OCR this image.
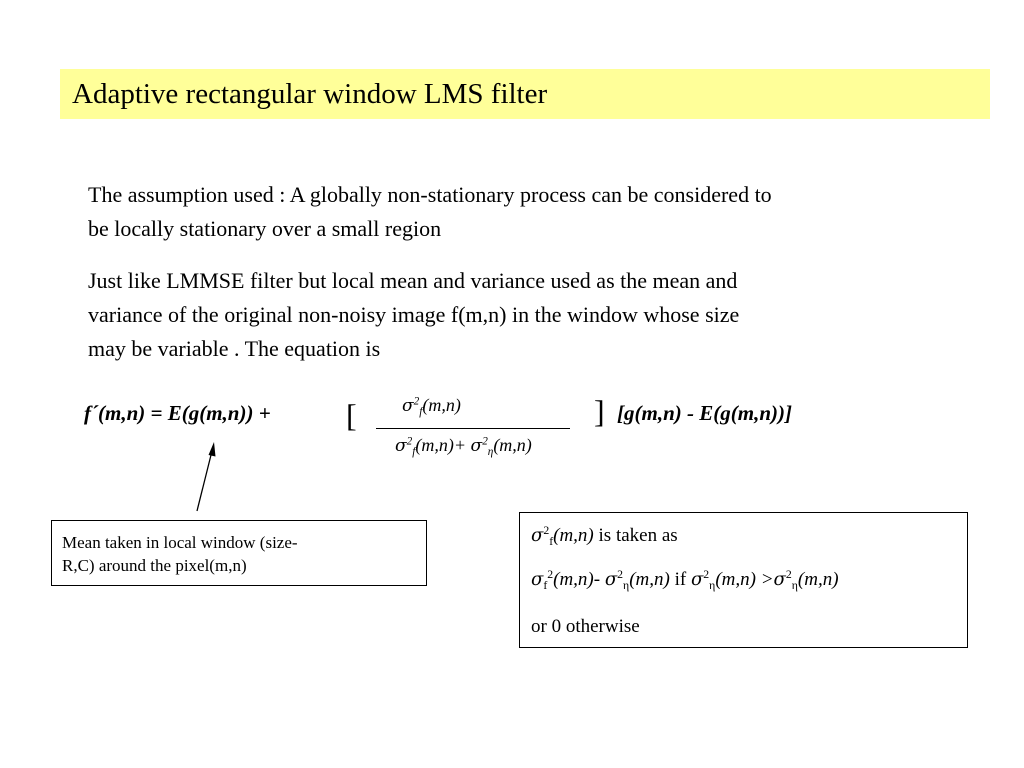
Adaptive rectangular window LMS filter
The assumption used : A globally non-stationary process can be considered to
be locally stationary over a small region
Just like LMMSE filter but local mean and variance used as the mean and
variance of the original non-noisy image f(m,n) in the window whose size
may be variable . The equation is
f´(m,n) = E(g(m,n)) + [	$\sigma^2_f(m,n)$
$\sigma^2_f(m,n)+ \sigma^2_\eta(m,n)$
] [g(m,n) - E(g(m,n))]
Mean taken in local window (size-
R,C) around the pixel(m,n)
$\sigma^2_f(m,n)$ is taken as
$\sigma_f^2(m,n)-$ $\sigma^2_\eta(m,n)$ if $\sigma^2_\eta(m,n) >\sigma^2_\eta(m,n)$
or 0 otherwise
